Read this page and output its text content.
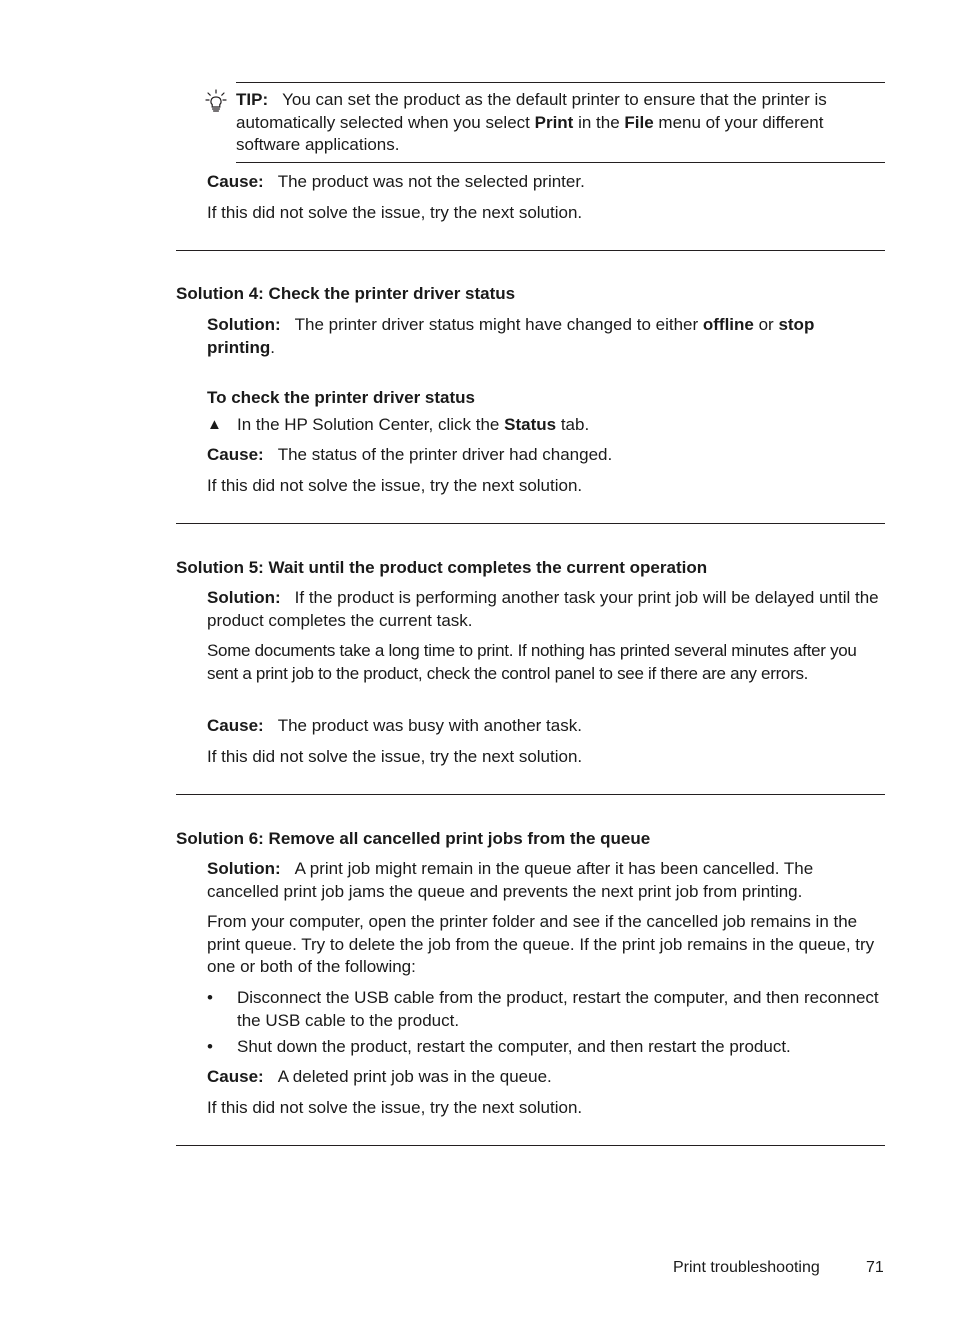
TIP: You can set the product as the default printer to ensure that the printer is automatically selected when you select Print in the File menu of your different software applications.
Cause: The product was not the selected printer.
If this did not solve the issue, try the next solution.
Solution 4: Check the printer driver status
Solution: The printer driver status might have changed to either offline or stop printing.
To check the printer driver status
▲ In the HP Solution Center, click the Status tab.
Cause: The status of the printer driver had changed.
If this did not solve the issue, try the next solution.
Solution 5: Wait until the product completes the current operation
Solution: If the product is performing another task your print job will be delayed until the product completes the current task.
Some documents take a long time to print. If nothing has printed several minutes after you sent a print job to the product, check the control panel to see if there are any errors.
Cause: The product was busy with another task.
If this did not solve the issue, try the next solution.
Solution 6: Remove all cancelled print jobs from the queue
Solution: A print job might remain in the queue after it has been cancelled. The cancelled print job jams the queue and prevents the next print job from printing.
From your computer, open the printer folder and see if the cancelled job remains in the print queue. Try to delete the job from the queue. If the print job remains in the queue, try one or both of the following:
• Disconnect the USB cable from the product, restart the computer, and then reconnect the USB cable to the product.
• Shut down the product, restart the computer, and then restart the product.
Cause: A deleted print job was in the queue.
If this did not solve the issue, try the next solution.
Print troubleshooting	71
